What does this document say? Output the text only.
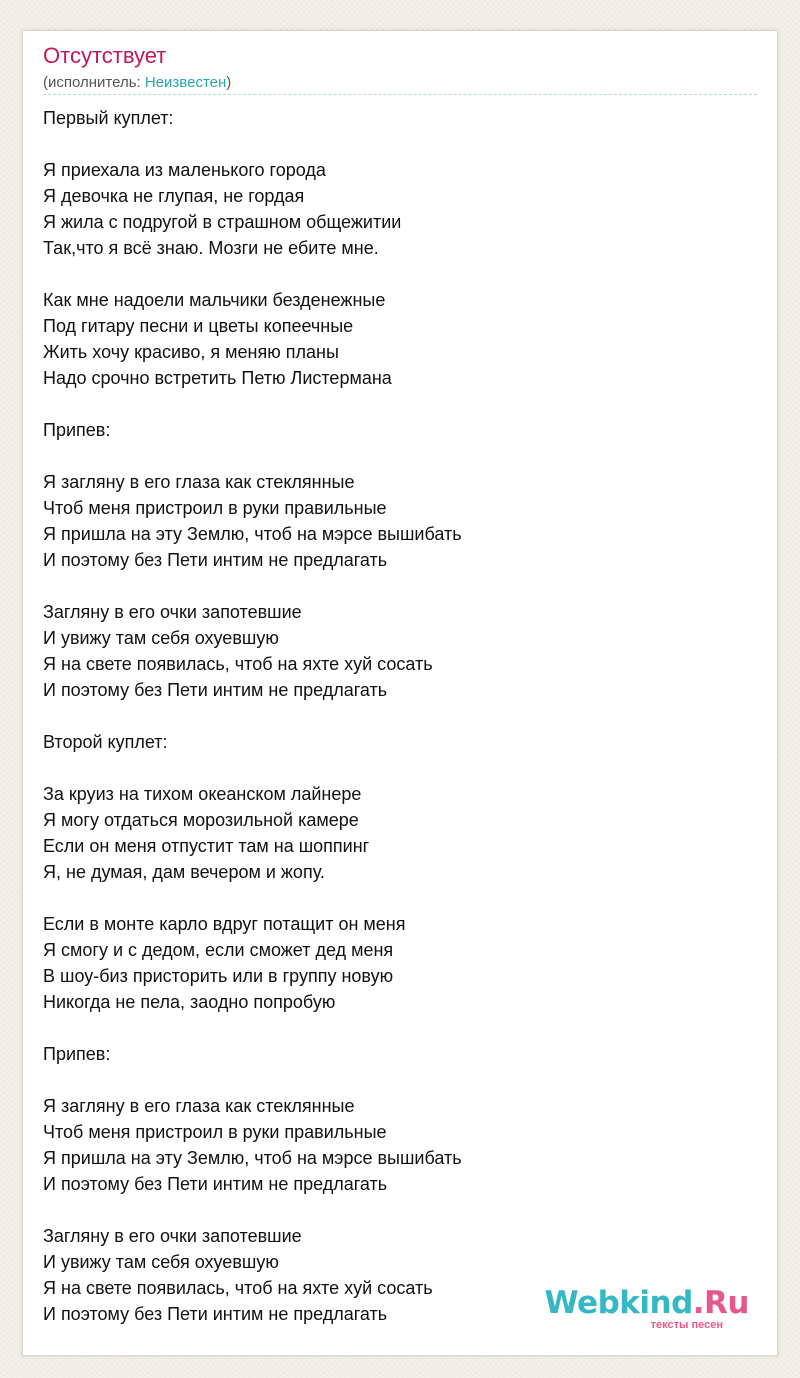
Отсутствует
(исполнитель: Неизвестен)
Первый куплет:
Я приехала из маленького города
Я девочка не глупая, не гордая
Я жила с подругой в страшном общежитии
Так,что я всё знаю. Мозги не ебите мне.
Как мне надоели мальчики безденежные
Под гитару песни и цветы копеечные
Жить хочу красиво, я меняю планы
Надо срочно встретить Петю Листермана
Припев:
Я загляну в его глаза как стеклянные
Чтоб меня пристроил в руки правильные
Я пришла на эту Землю, чтоб на мэрсе вышибать
И поэтому без Пети интим не предлагать
Загляну в его очки запотевшие
И увижу там себя охуевшую
Я на свете появилась, чтоб на яхте хуй сосать
И поэтому без Пети интим не предлагать
Второй куплет:
За круиз на тихом океанском лайнере
Я могу отдаться морозильной камере
Если он меня отпустит там на шоппинг
Я, не думая, дам вечером и жопу.
Если в монте карло вдруг потащит он меня
Я смогу и с дедом, если сможет дед меня
В шоу-биз присторить или в группу новую
Никогда не пела, заодно попробую
Припев:
Я загляну в его глаза как стеклянные
Чтоб меня пристроил в руки правильные
Я пришла на эту Землю, чтоб на мэрсе вышибать
И поэтому без Пети интим не предлагать
Загляну в его очки запотевшие
И увижу там себя охуевшую
Я на свете появилась, чтоб на яхте хуй сосать
И поэтому без Пети интим не предлагать	Webkind.Ru
тексты песен
